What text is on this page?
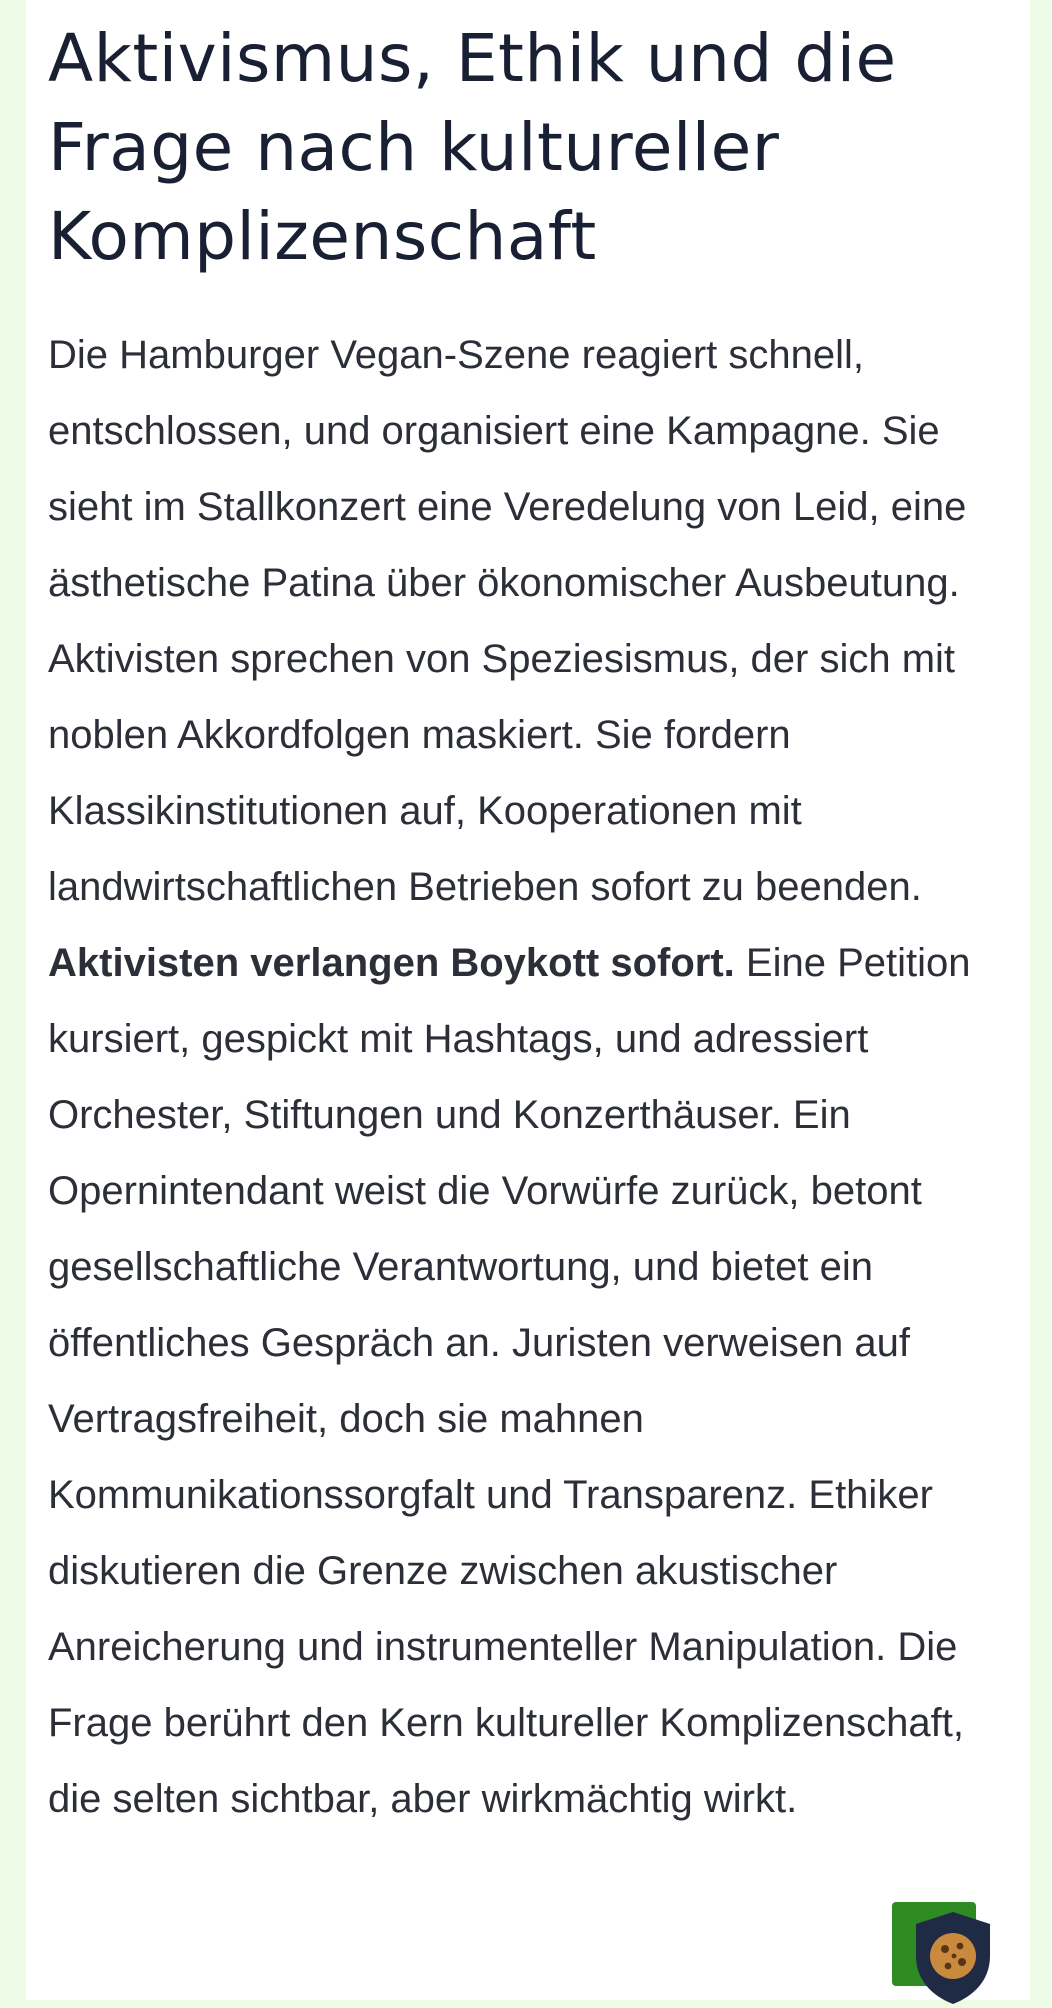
Aktivismus, Ethik und die Frage nach kultureller Komplizenschaft

Die Hamburger Vegan-Szene reagiert schnell, entschlossen, und organisiert eine Kampagne. Sie sieht im Stallkonzert eine Veredelung von Leid, eine ästhetische Patina über ökonomischer Ausbeutung. Aktivisten sprechen von Speziesismus, der sich mit noblen Akkordfolgen maskiert. Sie fordern Klassikinstitutionen auf, Kooperationen mit landwirtschaftlichen Betrieben sofort zu beenden. Aktivisten verlangen Boykott sofort. Eine Petition kursiert, gespickt mit Hashtags, und adressiert Orchester, Stiftungen und Konzerthäuser. Ein Opernintendant weist die Vorwürfe zurück, betont gesellschaftliche Verantwortung, und bietet ein öffentliches Gespräch an. Juristen verweisen auf Vertragsfreiheit, doch sie mahnen Kommunikationssorgfalt und Transparenz. Ethiker diskutieren die Grenze zwischen akustischer Anreicherung und instrumenteller Manipulation. Die Frage berührt den Kern kultureller Komplizenschaft, die selten sichtbar, aber wirkmächtig wirkt.
